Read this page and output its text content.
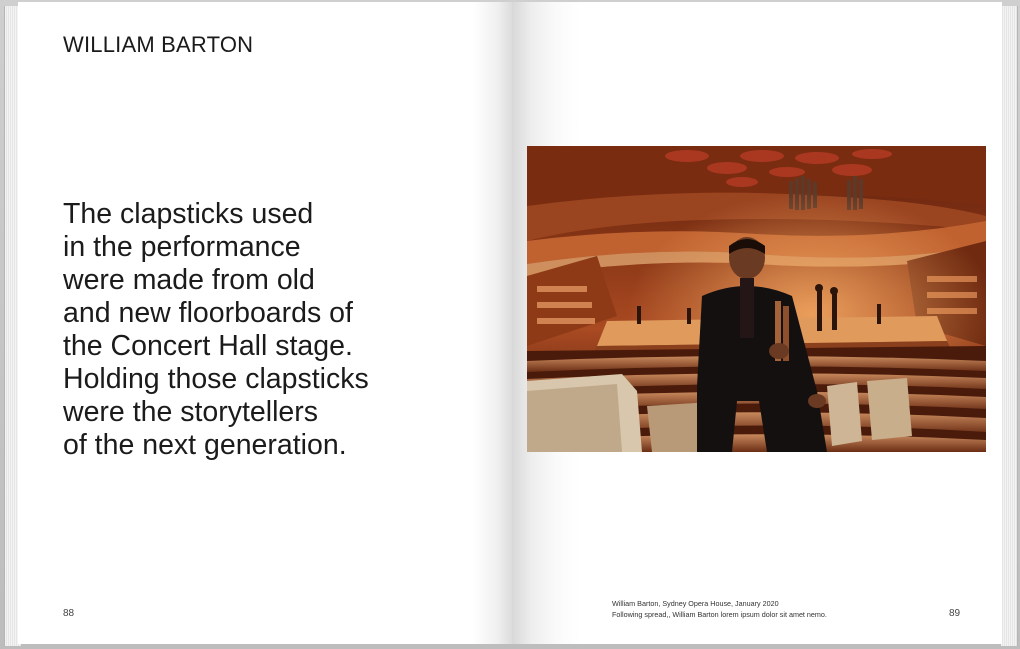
WILLIAM BARTON
The clapsticks used
in the performance
were made from old
and new floorboards of
the Concert Hall stage.
Holding those clapsticks
were the storytellers
of the next generation.
88
William Barton, Sydney Opera House, January 2020
Following spread,, William Barton lorem ipsum dolor sit amet nemo.	89
